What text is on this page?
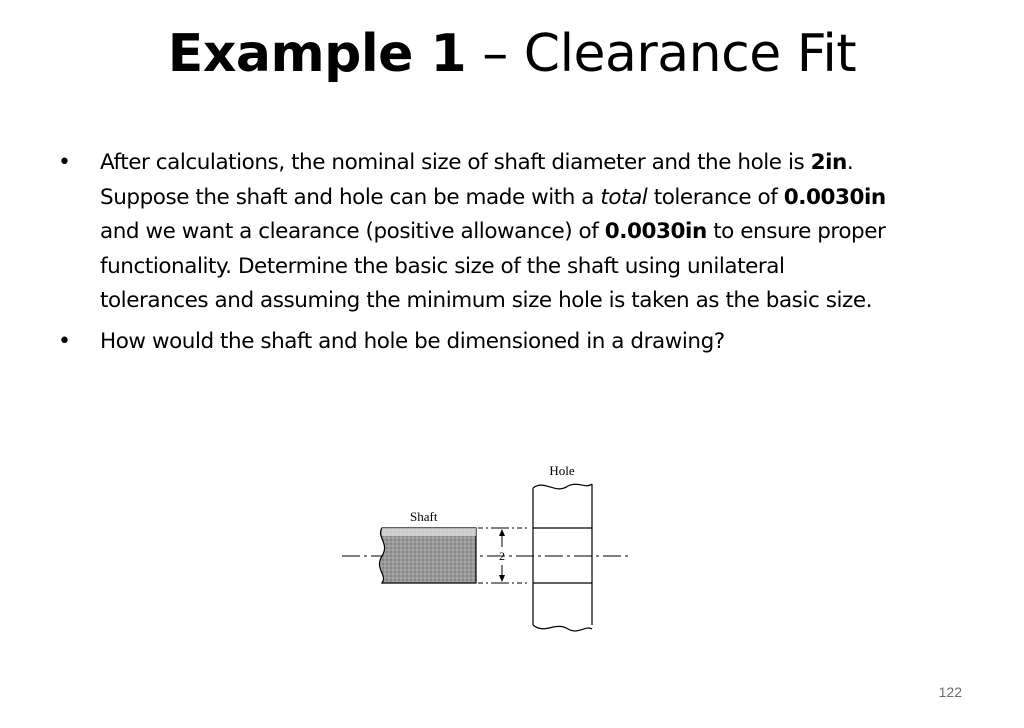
Example 1 – Clearance Fit
• After calculations, the nominal size of shaft diameter and the hole is 2in.
Suppose the shaft and hole can be made with a total tolerance of 0.0030in
and we want a clearance (positive allowance) of 0.0030in to ensure proper
functionality. Determine the basic size of the shaft using unilateral
tolerances and assuming the minimum size hole is taken as the basic size.
• How would the shaft and hole be dimensioned in a drawing?
Shaft
2
Hole
122
